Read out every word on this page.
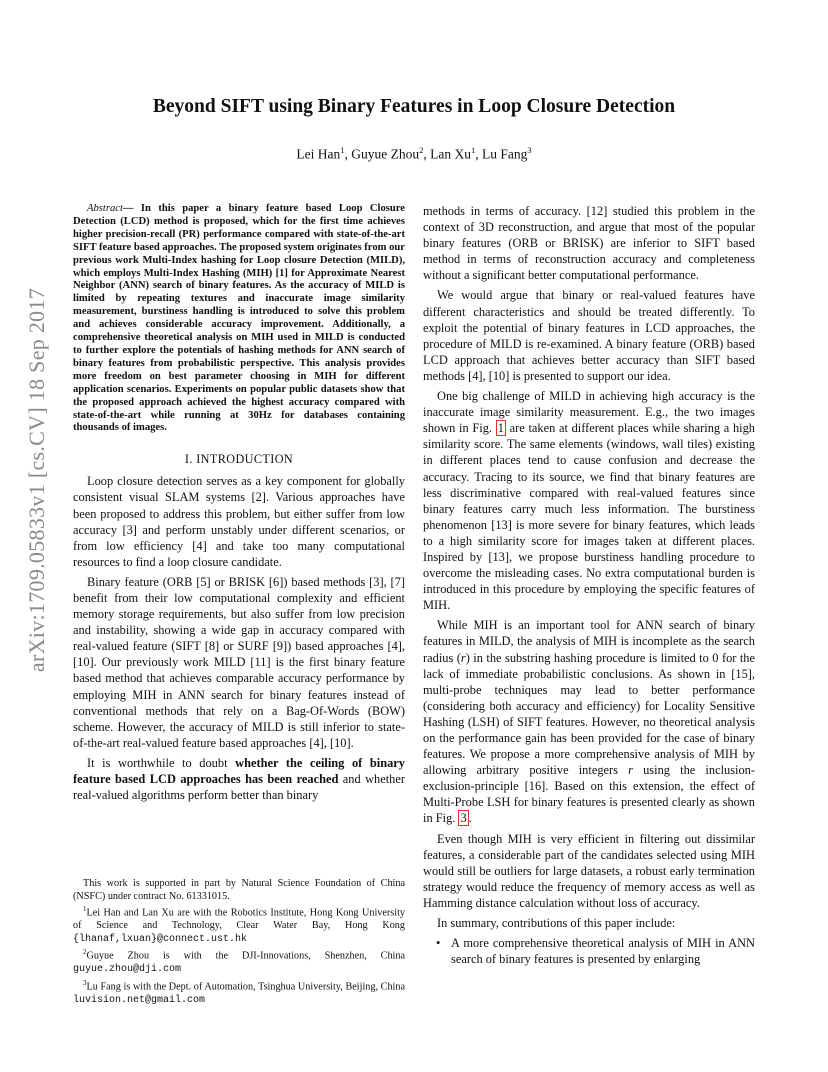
arXiv:1709.05833v1 [cs.CV] 18 Sep 2017
Beyond SIFT using Binary Features in Loop Closure Detection
Lei Han$^1$, Guyue Zhou$^2$, Lan Xu$^1$, Lu Fang$^3$

Abstract— In this paper a binary feature based Loop Closure Detection (LCD) method is proposed, which for the first time achieves higher precision-recall (PR) performance compared with state-of-the-art SIFT feature based approaches. The proposed system originates from our previous work Multi-Index hashing for Loop closure Detection (MILD), which employs Multi-Index Hashing (MIH) [1] for Approximate Nearest Neighbor (ANN) search of binary features. As the accuracy of MILD is limited by repeating textures and inaccurate image similarity measurement, burstiness handling is introduced to solve this problem and achieves considerable accuracy improvement. Additionally, a comprehensive theoretical analysis on MIH used in MILD is conducted to further explore the potentials of hashing methods for ANN search of binary features from probabilistic perspective. This analysis provides more freedom on best parameter choosing in MIH for different application scenarios. Experiments on popular public datasets show that the proposed approach achieved the highest accuracy compared with state-of-the-art while running at 30Hz for databases containing thousands of images.

I. INTRODUCTION

Loop closure detection serves as a key component for globally consistent visual SLAM systems [2]. Various approaches have been proposed to address this problem, but either suffer from low accuracy [3] and perform unstably under different scenarios, or from low efficiency [4] and take too many computational resources to find a loop closure candidate.

Binary feature (ORB [5] or BRISK [6]) based methods [3], [7] benefit from their low computational complexity and efficient memory storage requirements, but also suffer from low precision and instability, showing a wide gap in accuracy compared with real-valued feature (SIFT [8] or SURF [9]) based approaches [4], [10]. Our previously work MILD [11] is the first binary feature based method that achieves comparable accuracy performance by employing MIH in ANN search for binary features instead of conventional methods that rely on a Bag-Of-Words (BOW) scheme. However, the accuracy of MILD is still inferior to state-of-the-art real-valued feature based approaches [4], [10].

It is worthwhile to doubt whether the ceiling of binary feature based LCD approaches has been reached and whether real-valued algorithms perform better than binary

This work is supported in part by Natural Science Foundation of China (NSFC) under contract No. 61331015.

$^1$Lei Han and Lan Xu are with the Robotics Institute, Hong Kong University of Science and Technology, Clear Water Bay, Hong Kong {lhanaf,lxuan}@connect.ust.hk

$^2$Guyue Zhou is with the DJI-Innovations, Shenzhen, China guyue.zhou@dji.com

$^3$Lu Fang is with the Dept. of Automation, Tsinghua University, Beijing, China luvision.net@gmail.com

methods in terms of accuracy. [12] studied this problem in the context of 3D reconstruction, and argue that most of the popular binary features (ORB or BRISK) are inferior to SIFT based method in terms of reconstruction accuracy and completeness without a significant better computational performance.

We would argue that binary or real-valued features have different characteristics and should be treated differently. To exploit the potential of binary features in LCD approaches, the procedure of MILD is re-examined. A binary feature (ORB) based LCD approach that achieves better accuracy than SIFT based methods [4], [10] is presented to support our idea.

One big challenge of MILD in achieving high accuracy is the inaccurate image similarity measurement. E.g., the two images shown in Fig. 1 are taken at different places while sharing a high similarity score. The same elements (windows, wall tiles) existing in different places tend to cause confusion and decrease the accuracy. Tracing to its source, we find that binary features are less discriminative compared with real-valued features since binary features carry much less information. The burstiness phenomenon [13] is more severe for binary features, which leads to a high similarity score for images taken at different places. Inspired by [13], we propose burstiness handling procedure to overcome the misleading cases. No extra computational burden is introduced in this procedure by employing the specific features of MIH.

While MIH is an important tool for ANN search of binary features in MILD, the analysis of MIH is incomplete as the search radius (r) in the substring hashing procedure is limited to 0 for the lack of immediate probabilistic conclusions. As shown in [15], multi-probe techniques may lead to better performance (considering both accuracy and efficiency) for Locality Sensitive Hashing (LSH) of SIFT features. However, no theoretical analysis on the performance gain has been provided for the case of binary features. We propose a more comprehensive analysis of MIH by allowing arbitrary positive integers r using the inclusion-exclusion-principle [16]. Based on this extension, the effect of Multi-Probe LSH for binary features is presented clearly as shown in Fig. 3 .

Even though MIH is very efficient in filtering out dissimilar features, a considerable part of the candidates selected using MIH would still be outliers for large datasets, a robust early termination strategy would reduce the frequency of memory access as well as Hamming distance calculation without loss of accuracy.

In summary, contributions of this paper include:

• A more comprehensive theoretical analysis of MIH in ANN search of binary features is presented by enlarging
